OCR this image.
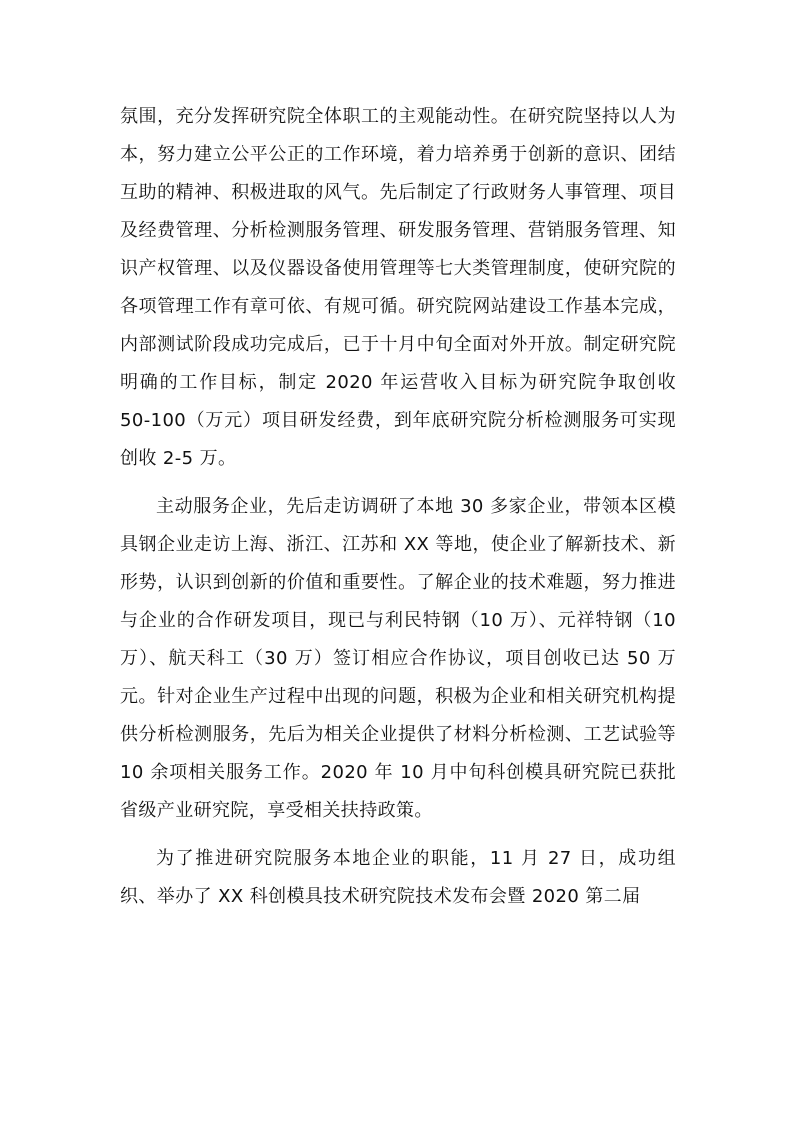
氛围，充分发挥研究院全体职工的主观能动性。在研究院坚持以人为本，努力建立公平公正的工作环境，着力培养勇于创新的意识、团结互助的精神、积极进取的风气。先后制定了行政财务人事管理、项目及经费管理、分析检测服务管理、研发服务管理、营销服务管理、知识产权管理、以及仪器设备使用管理等七大类管理制度，使研究院的各项管理工作有章可依、有规可循。研究院网站建设工作基本完成，内部测试阶段成功完成后，已于十月中旬全面对外开放。制定研究院明确的工作目标，制定 2020 年运营收入目标为研究院争取创收 50-100（万元）项目研发经费，到年底研究院分析检测服务可实现创收 2-5 万。

主动服务企业，先后走访调研了本地 30 多家企业，带领本区模具钢企业走访上海、浙江、江苏和 XX 等地，使企业了解新技术、新形势，认识到创新的价值和重要性。了解企业的技术难题，努力推进与企业的合作研发项目，现已与利民特钢（10 万）、元祥特钢（10 万）、航天科工（30 万）签订相应合作协议，项目创收已达 50 万元。针对企业生产过程中出现的问题，积极为企业和相关研究机构提供分析检测服务，先后为相关企业提供了材料分析检测、工艺试验等 10 余项相关服务工作。2020 年 10 月中旬科创模具研究院已获批省级产业研究院，享受相关扶持政策。

为了推进研究院服务本地企业的职能，11 月 27 日，成功组织、举办了 XX 科创模具技术研究院技术发布会暨 2020 第二届
